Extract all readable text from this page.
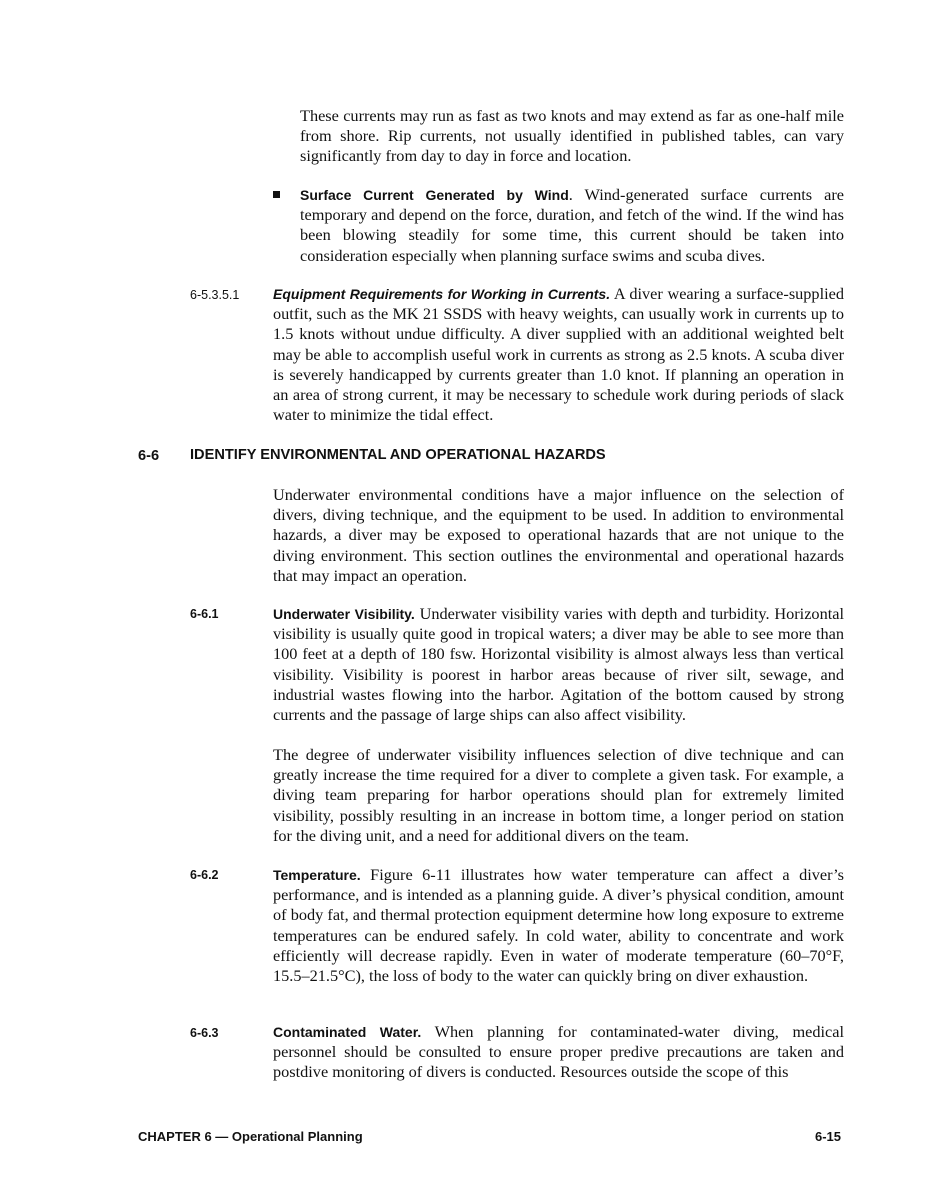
These currents may run as fast as two knots and may extend as far as one-half mile from shore. Rip currents, not usually identified in published tables, can vary significantly from day to day in force and location.
Surface Current Generated by Wind. Wind-generated surface currents are temporary and depend on the force, duration, and fetch of the wind. If the wind has been blowing steadily for some time, this current should be taken into consideration especially when planning surface swims and scuba dives.
6-5.3.5.1 Equipment Requirements for Working in Currents. A diver wearing a surface-supplied outfit, such as the MK 21 SSDS with heavy weights, can usually work in currents up to 1.5 knots without undue difficulty. A diver supplied with an additional weighted belt may be able to accomplish useful work in currents as strong as 2.5 knots. A scuba diver is severely handicapped by currents greater than 1.0 knot. If planning an operation in an area of strong current, it may be necessary to schedule work during periods of slack water to minimize the tidal effect.
6-6 IDENTIFY ENVIRONMENTAL AND OPERATIONAL HAZARDS
Underwater environmental conditions have a major influence on the selection of divers, diving technique, and the equipment to be used. In addition to environmental hazards, a diver may be exposed to operational hazards that are not unique to the diving environment. This section outlines the environmental and operational hazards that may impact an operation.
6-6.1	Underwater Visibility. Underwater visibility varies with depth and turbidity. Horizontal visibility is usually quite good in tropical waters; a diver may be able to see more than 100 feet at a depth of 180 fsw. Horizontal visibility is almost always less than vertical visibility. Visibility is poorest in harbor areas because of river silt, sewage, and industrial wastes flowing into the harbor. Agitation of the bottom caused by strong currents and the passage of large ships can also affect visibility.
The degree of underwater visibility influences selection of dive technique and can greatly increase the time required for a diver to complete a given task. For example, a diving team preparing for harbor operations should plan for extremely limited visibility, possibly resulting in an increase in bottom time, a longer period on station for the diving unit, and a need for additional divers on the team.
6-6.2	Temperature. Figure 6-11 illustrates how water temperature can affect a diver’s performance, and is intended as a planning guide. A diver’s physical condition, amount of body fat, and thermal protection equipment determine how long exposure to extreme temperatures can be endured safely. In cold water, ability to concentrate and work efficiently will decrease rapidly. Even in water of moderate temperature (60–70°F, 15.5–21.5°C), the loss of body to the water can quickly bring on diver exhaustion.
6-6.3	Contaminated Water. When planning for contaminated-water diving, medical personnel should be consulted to ensure proper predive precautions are taken and postdive monitoring of divers is conducted. Resources outside the scope of this
CHAPTER 6 — Operational Planning	6-15
